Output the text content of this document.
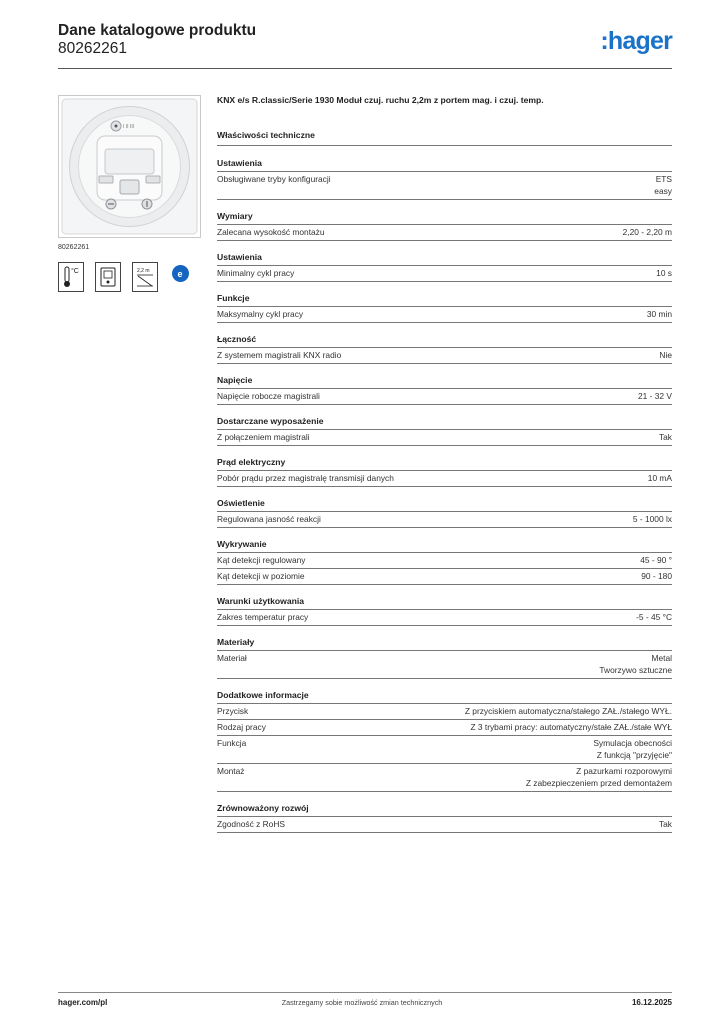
Dane katalogowe produktu
80262261	:hager
I II III
80262261
°C	2,2 m	e
KNX e/s R.classic/Serie 1930 Moduł czuj. ruchu 2,2m z portem mag. i czuj. temp.
Właściwości techniczne
Ustawienia
Obsługiwane tryby konfiguracji	ETS
easy
Wymiary
Zalecana wysokość montażu	2,20 - 2,20 m
Ustawienia
Minimalny cykl pracy	10 s
Funkcje
Maksymalny cykl pracy	30 min
Łączność
Z systemem magistrali KNX radio	Nie
Napięcie
Napięcie robocze magistrali	21 - 32 V
Dostarczane wyposażenie
Z połączeniem magistrali	Tak
Prąd elektryczny
Pobór prądu przez magistralę transmisji danych	10 mA
Oświetlenie
Regulowana jasność reakcji	5 - 1000 lx
Wykrywanie
Kąt detekcji regulowany	45 - 90 °
Kąt detekcji w poziomie	90 - 180
Warunki użytkowania
Zakres temperatur pracy	-5 - 45 °C
Materiały
Materiał	Metal
Tworzywo sztuczne
Dodatkowe informacje
Przycisk	Z przyciskiem automatyczna/stałego ZAŁ./stałego WYŁ.
Rodzaj pracy	Z 3 trybami pracy: automatyczny/stałe ZAŁ./stałe WYŁ
Funkcja	Symulacja obecności
Z funkcją "przyjęcie"
Montaż	Z pazurkami rozporowymi
Z zabezpieczeniem przed demontażem
Zrównoważony rozwój
Zgodność z RoHS	Tak
hager.com/pl	Zastrzegamy sobie możliwość zmian technicznych	16.12.2025
